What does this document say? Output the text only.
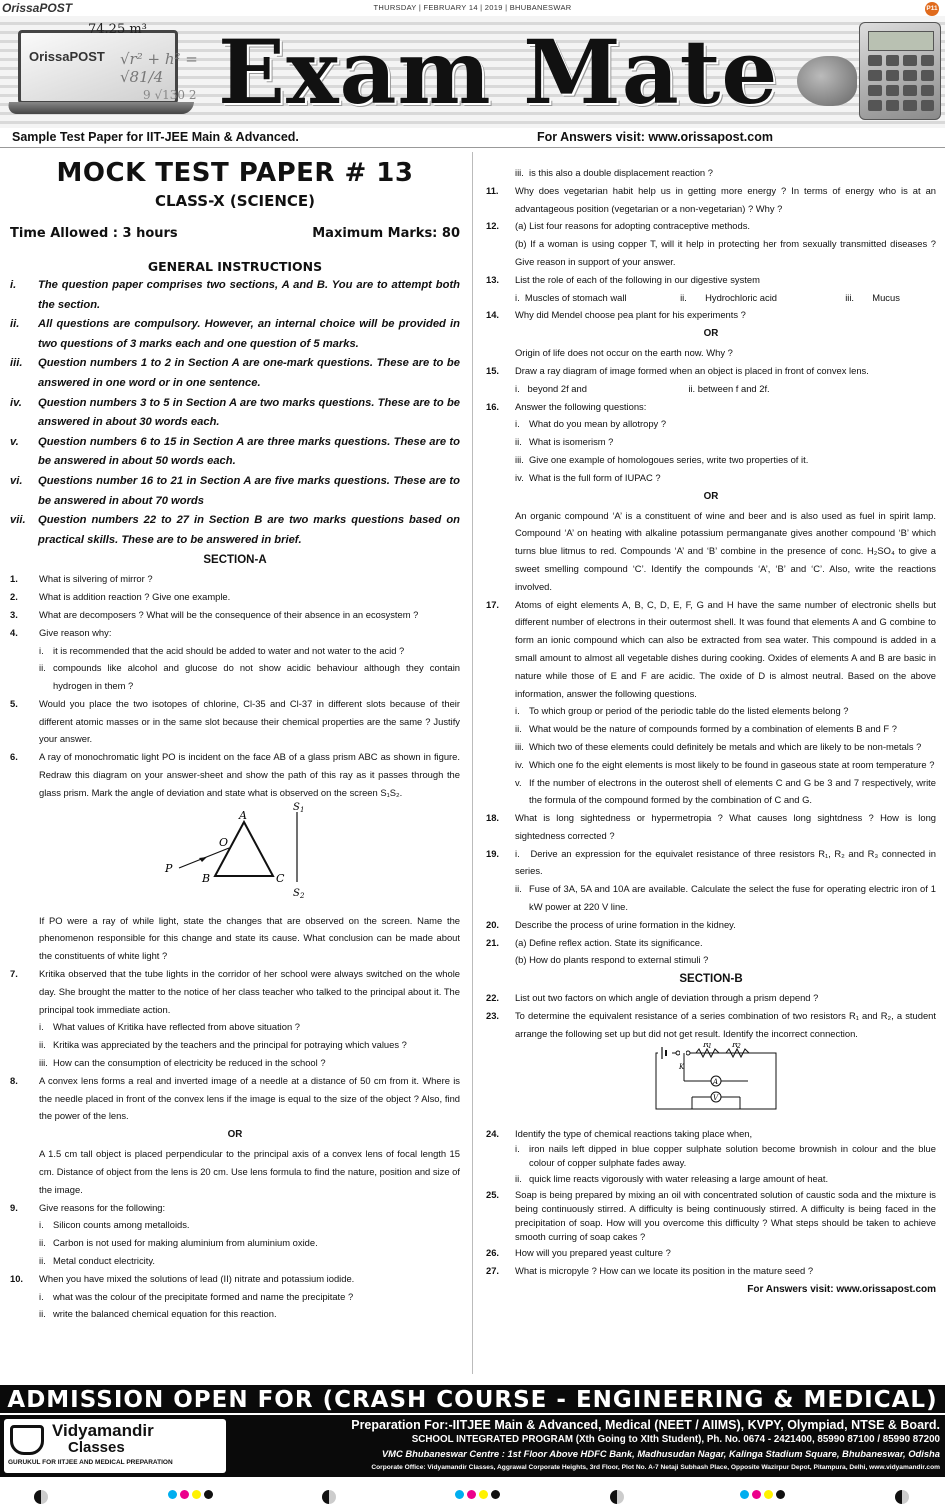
OrissaPOST	THURSDAY | FEBRUARY 14 | 2019 | BHUBANESWAR	P11
OrissaPOST
74.25 m³
√r² + h² = √81/4
9 √130 2 Exam Mate
Sample Test Paper for IIT-JEE Main & Advanced.	For Answers visit: www.orissapost.com
MOCK TEST PAPER # 13
CLASS-X (SCIENCE)
Time Allowed : 3 hours	Maximum Marks: 80
GENERAL INSTRUCTIONS
i.	The question paper comprises two sections, A and B. You are to attempt both the section.
ii.	All questions are compulsory. However, an internal choice will be provided in two questions of 3 marks each and one question of 5 marks.
iii.	Question numbers 1 to 2 in Section A are one-mark questions. These are to be answered in one word or in one sentence.
iv.	Question numbers 3 to 5 in Section A are two marks questions. These are to be answered in about 30 words each.
v.	Question numbers 6 to 15 in Section A are three marks questions. These are to be answered in about 50 words each.
vi.	Questions number 16 to 21 in Section A are five marks questions. These are to be answered in about 70 words
vii.	Question numbers 22 to 27 in Section B are two marks questions based on practical skills. These are to be answered in brief.
SECTION-A
1.	What is silvering of mirror ?
2.	What is addition reaction ? Give one example.
3.	What are decomposers ? What will be the consequence of their absence in an ecosystem ?
4.	Give reason why:
i. it is recommended that the acid should be added to water and not water to the acid ?
ii. compounds like alcohol and glucose do not show acidic behaviour although they contain hydrogen in them ?
5.	Would you place the two isotopes of chlorine, Cl-35 and Cl-37 in different slots because of their different atomic masses or in the same slot because their chemical properties are the same ? Justify your answer.
6.	A ray of monochromatic light PO is incident on the face AB of a glass prism ABC as shown in figure. Redraw this diagram on your answer-sheet and show the path of this ray as it passes through the glass prism. Mark the angle of deviation and state what is observed on the screen S₁S₂.
A
B	C
O
P
S 1
S 2
If PO were a ray of while light, state the changes that are observed on the screen. Name the phenomenon responsible for this change and state its cause. What conclusion can be made about the constituents of white light ?
7.	Kritika observed that the tube lights in the corridor of her school were always switched on the whole day. She brought the matter to the notice of her class teacher who talked to the principal about it. The principal took immediate action.
i. What values of Kritika have reflected from above situation ?
ii. Kritika was appreciated by the teachers and the principal for potraying which values ?
iii. How can the consumption of electricity be reduced in the school ?
8.	A convex lens forms a real and inverted image of a needle at a distance of 50 cm from it. Where is the needle placed in front of the convex lens if the image is equal to the size of the object ? Also, find the power of the lens.
OR
A 1.5 cm tall object is placed perpendicular to the principal axis of a convex lens of focal length 15 cm. Distance of object from the lens is 20 cm. Use lens formula to find the nature, position and size of the image.
9.	Give reasons for the following:
i. Silicon counts among metalloids.
ii. Carbon is not used for making aluminium from aluminium oxide.
ii. Metal conduct electricity.
10.	When you have mixed the solutions of lead (II) nitrate and potassium iodide.
i. what was the colour of the precipitate formed and name the precipitate ?
ii. write the balanced chemical equation for this reaction.
iii. is this also a double displacement reaction ?
11.	Why does vegetarian habit help us in getting more energy ? In terms of energy who is at an advantageous position (vegetarian or a non-vegetarian) ? Why ?
12.	(a) List four reasons for adopting contraceptive methods.
(b) If a woman is using copper T, will it help in protecting her from sexually transmitted diseases ? Give reason in support of your answer.
13.	List the role of each of the following in our digestive system
i.  Muscles of stomach wall	ii.       Hydrochloric acid	iii.       Mucus
14.	Why did Mendel choose pea plant for his experiments ?
OR
Origin of life does not occur on the earth now. Why ?
15.	Draw a ray diagram of image formed when an object is placed in front of convex lens.
i.   beyond 2f and	ii. between f and 2f.
16.	Answer the following questions:
i. What do you mean by allotropy ?
ii. What is isomerism ?
iii. Give one example of homologoues series, write two properties of it.
iv. What is the full form of IUPAC ?
OR
An organic compound ‘A’ is a constituent of wine and beer and is also used as fuel in spirit lamp. Compound ‘A’ on heating with alkaline potassium permanganate gives another compound ‘B’ which turns blue litmus to red. Compounds ‘A’ and ‘B’ combine in the presence of conc. H₂SO₄ to give a sweet smelling compound ‘C’. Identify the compounds ‘A’, ‘B’ and ‘C’. Also, write the reactions involved.
17.	Atoms of eight elements A, B, C, D, E, F, G and H have the same number of electronic shells but different number of electrons in their outermost shell. It was found that elements A and G combine to form an ionic compound which can also be extracted from sea water. This compound is added in a small amount to almost all vegetable dishes during cooking. Oxides of elements A and B are basic in nature while those of E and F are acidic. The oxide of D is almost neutral. Based on the above information, answer the following questions.
i. To which group or period of the periodic table do the listed elements belong ?
ii. What would be the nature of compounds formed by a combination of elements B and F ?
iii. Which two of these elements could definitely be metals and which are likely to be non-metals ?
iv. Which one fo the eight elements is most likely to be found in gaseous state at room temperature ?
v. If the number of electrons in the outerost shell of elements C and G be 3 and 7 respectively, write the formula of the compound formed by the combination of C and G.
18.	What is long sightedness or hypermetropia ? What causes long sightdness ? How is long sightedness corrected ?
19.	i.   Derive an expression for the equivalet resistance of three resistors R₁, R₂ and R₃ connected in series.
ii. Fuse of 3A, 5A and 10A are available. Calculate the select the fuse for operating electric iron of 1 kW power at 220 V line.
20.	Describe the process of urine formation in the kidney.
21.	(a) Define reflex action. State its significance.
(b) How do plants respond to external stimuli ?
SECTION-B
22.	List out two factors on which angle of deviation through a prism depend ?
23.	To determine the equivalent resistance of a series combination of two resistors R₁ and R₂, a student arrange the following set up but did not get result. Identify the incorrect connection.
R
1	R
2
K
A
V
24.	Identify the type of chemical reactions taking place when,
i. iron nails left dipped in blue copper sulphate solution become brownish in colour and the blue colour of copper sulphate fades away.
ii. quick lime reacts vigorously with water releasing a large amount of heat.
25.	Soap is being prepared by mixing an oil with concentrated solution of caustic soda and the mixture is being continuously stirred. A difficulty is being continuously stirred. A difficulty is being faced in the precipitation of soap. How will you overcome this difficulty ? What steps should be taken to achieve smooth curring of soap cakes ?
26.	How will you prepared yeast culture ?
27.	What is micropyle ? How can we locate its position in the mature seed ?
For Answers visit: www.orissapost.com
ADMISSION OPEN FOR (CRASH COURSE - ENGINEERING & MEDICAL)
Vidyamandir
Classes
GURUKUL FOR IITJEE AND MEDICAL PREPARATION
Preparation For:-IITJEE Main & Advanced, Medical (NEET / AIIMS), KVPY, Olympiad, NTSE & Board.
SCHOOL INTEGRATED PROGRAM (Xth Going to XIth Student), Ph. No. 0674 - 2421400, 85990 87100 / 85990 87200
VMC Bhubaneswar Centre : 1st Floor Above HDFC Bank, Madhusudan Nagar, Kalinga Stadium Square, Bhubaneswar, Odisha
Corporate Office: Vidyamandir Classes, Aggrawal Corporate Heights, 3rd Floor, Plot No. A-7 Netaji Subhash Place, Opposite Wazirpur Depot, Pitampura, Delhi, www.vidyamandir.com
